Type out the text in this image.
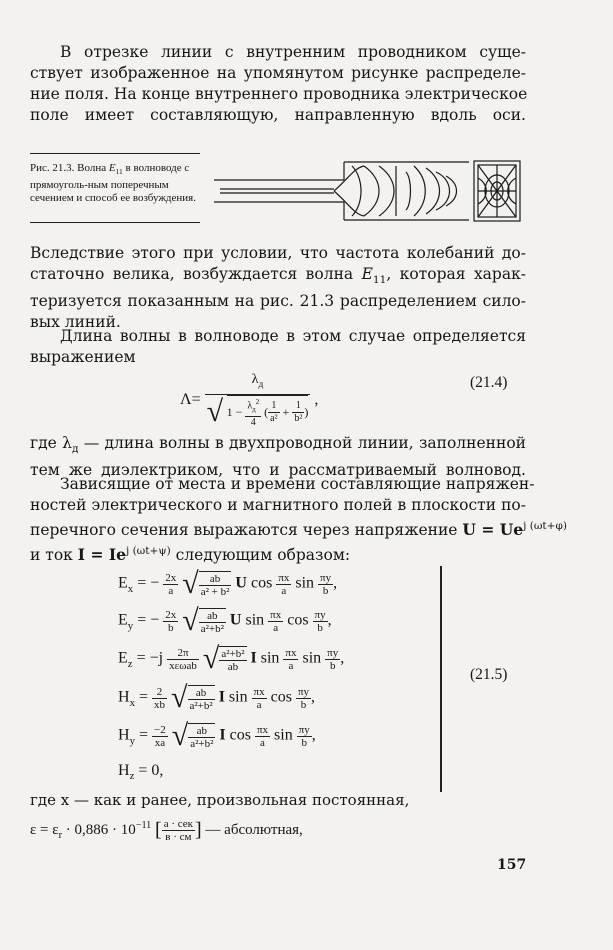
В отрезке линии с внутренним проводником суще-
ствует изображенное на упомянутом рисунке распределе-
ние поля. На конце внутреннего проводника электрическое
поле имеет составляющую, направленную вдоль оси.
Рис. 21.3. Волна $E_{11}$ в волноводе с прямоуголь-ным поперечным сечением и способ ее возбуждения.
Вследствие этого при условии, что частота колебаний до-
статочно велика, возбуждается волна $E_{11}$, которая харак-
теризуется показанным на рис. 21.3 распределением сило-
вых линий.
Длина волны в волноводе в этом случае определяется
выражением
Λ=
$\lambda_д$
√ $1 - \frac{\lambda_д^2}{4}$ ( $\frac{1}{\text{a²}} + \frac{1}{\text{b²}}$ )
,
(21.4)
где $\lambda_д$ — длина волны в двухпроводной линии, заполненной
тем же диэлектриком, что и рассматриваемый волновод.
Зависящие от места и времени составляющие напряжен-
ностей электрического и магнитного полей в плоскости по-
перечного сечения выражаются через напряжение $U = Ue^{j (\omega t+\varphi)}$
и ток $I = Ie^{j (\omega t+\psi)}$ следующим образом:
$E_x$ = − $\frac{2x}{a}$ √ $\frac{ab}{\text{a² + b²}}$ U $\cos \frac{\pi x}{a}$ $\sin \frac{\pi y}{b}$ ,
$E_y$ = − $\frac{2x}{b}$ √ $\frac{ab}{\text{a²+b²}}$ U $\sin \frac{\pi x}{a}$ $\cos \frac{\pi y}{b}$ ,
$E_z = -j \frac{2\pi}{\text{xεωab}}$ √ $\frac{\text{a²+b²}}{ab}$ I $\sin \frac{\pi x}{a}$ $\sin \frac{\pi y}{b}$ ,
$H_x = \frac{2}{xb}$ √ $\frac{ab}{\text{a²+b²}}$ I $\sin \frac{\pi x}{a}$ $\cos \frac{\pi y}{b}$ ,
$H_y = \frac{-2}{xa}$ √ $\frac{ab}{\text{a²+b²}}$ I $\cos \frac{\pi x}{a}$ $\sin \frac{\pi y}{b}$ ,
(21.5)
$H_z = 0$,
где x — как и ранее, произвольная постоянная,
$\varepsilon = \varepsilon_r \cdot 0,886 \cdot 10^{-11}$ [ $\frac{\text{a · сек}}{в \cdot см}$ ] — абсолютная,
157
